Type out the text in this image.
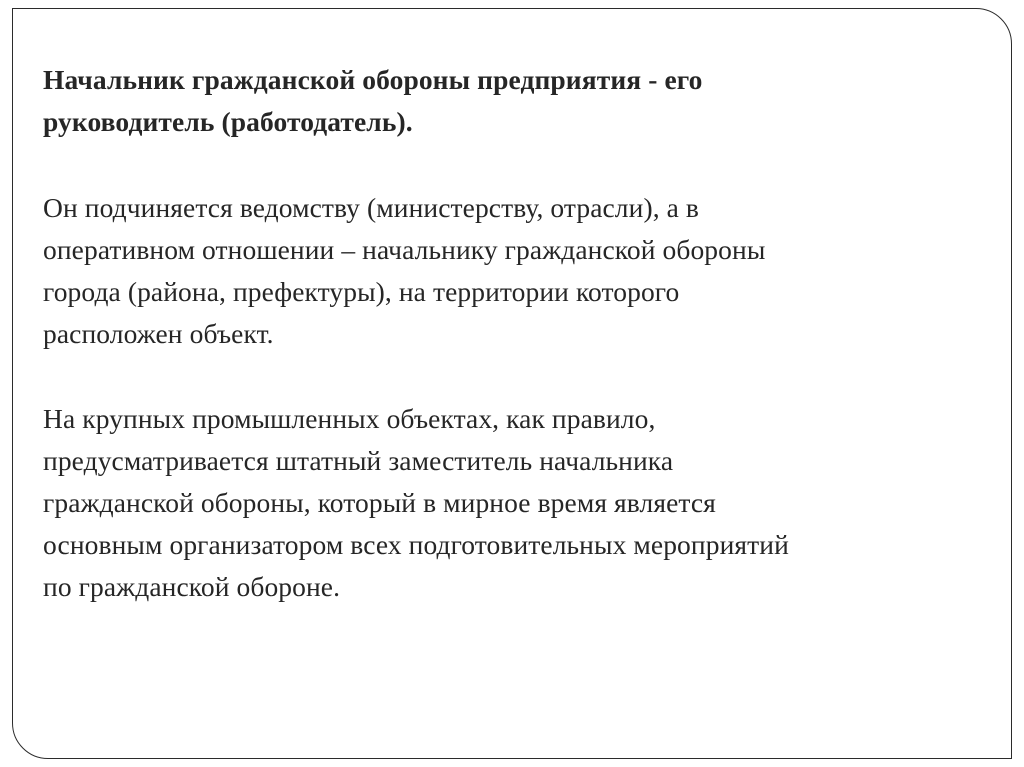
Начальник гражданской обороны предприятия - его
руководитель (работодатель).

Он подчиняется ведомству (министерству, отрасли), а в
оперативном отношении – начальнику гражданской обороны
города (района, префектуры), на территории которого
расположен объект.

На крупных промышленных объектах, как правило,
предусматривается штатный заместитель начальника
гражданской обороны, который в мирное время является
основным организатором всех подготовительных мероприятий
по гражданской обороне.
